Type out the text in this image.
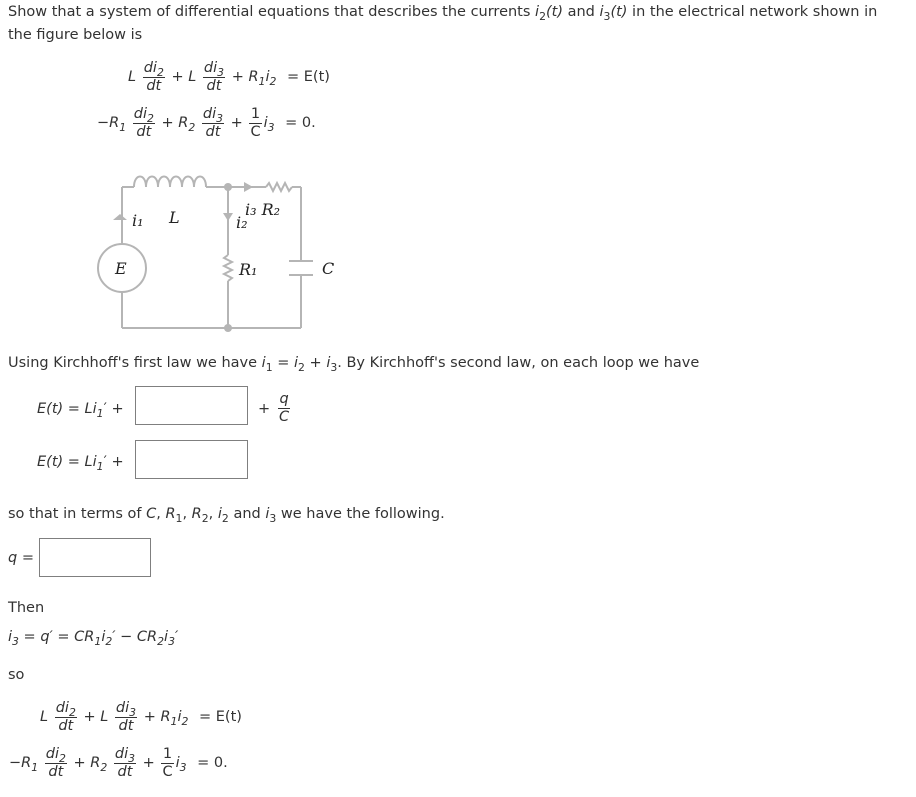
Show that a system of differential equations that describes the currents $i_2(t)$ and $i_3(t)$ in the electrical network shown in
the figure below is
L $\frac{di_2}{dt} + L \frac{di_3}{dt} + R_1i_2 = E(t)$
$-R_1 \frac{di_2}{dt} + R_2 \frac{di_3}{dt} + \frac{1}{C} i_3 = 0$.
i₁ L	i₃ R₂
i₂
E	R₁	C
Using Kirchhoff's first law we have $i_1 = i_2 + i_3$. By Kirchhoff's second law, on each loop we have
$E(t) = Li_1'$ +	+ $\frac{q}{C}$
$E(t) = Li_1'$ +
so that in terms of C, $R_1$, $R_2$, $i_2$ and $i_3$ we have the following.
q =
Then
$i_3 = q' = CR_1i_2' - CR_2i_3'$
so
L $\frac{di_2}{dt} + L \frac{di_3}{dt} + R_1i_2 = E(t)$
$-R_1 \frac{di_2}{dt} + R_2 \frac{di_3}{dt} + \frac{1}{C} i_3 = 0$.
